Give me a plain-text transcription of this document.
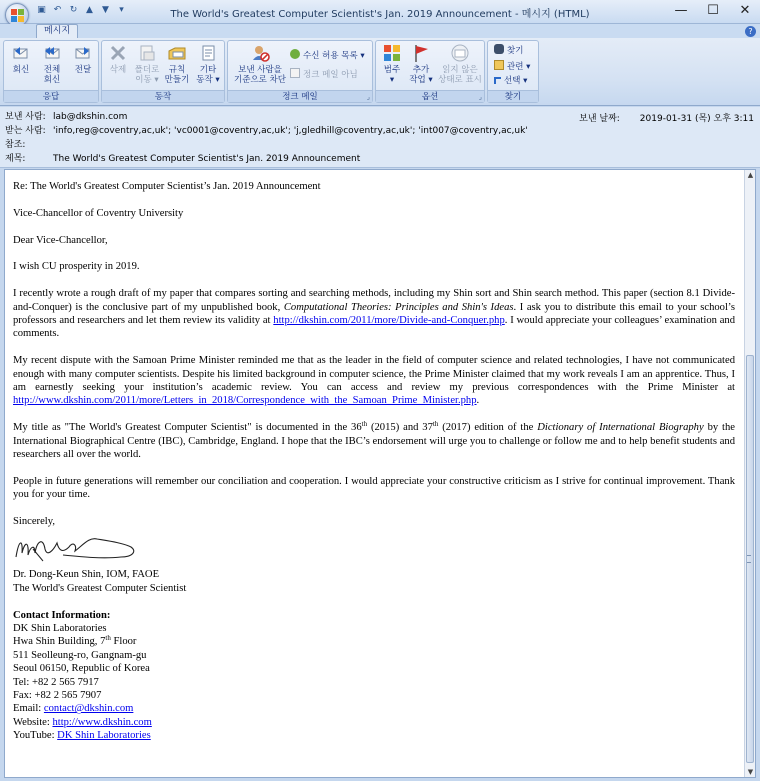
▣ ↶ ↻ ▲ ▼	▾	The World's Greatest Computer Scientist's Jan. 2019 Announcement - 메시지 (HTML)	— ☐ ✕
메시지	?
회신	전체
회신
전달
응답
삭제 폴더로
이동 ▾
규칙
만들기
기타
동작 ▾
동작
보낸 사람을
기준으로 차단
수신 허용 목록 ▾
정크 메일 아님
정크 메일	⌟
범주
▾
추가
작업 ▾
읽지 않은
상태로 표시
옵션	⌟
찾기
관련 ▾
선택 ▾
찾기
보낸 사람: lab@dkshin.com
받는 사람: 'info,reg@coventry,ac,uk'; 'vc0001@coventry,ac,uk'; 'j,gledhill@coventry,ac,uk'; 'int007@coventry,ac,uk'
참조:
제목:	The World's Greatest Computer Scientist's Jan. 2019 Announcement
보낸 날짜: 2019-01-31 (목) 오후 3:11

Re: The World's Greatest Computer Scientist’s Jan. 2019 Announcement

Vice-Chancellor of Coventry University

Dear Vice-Chancellor,

I wish CU prosperity in 2019.

I recently wrote a rough draft of my paper that compares sorting and searching methods, including my Shin sort and Shin search method. This paper (section 8.1 Divide-and-Conquer) is the conclusive part of my unpublished book, Computational Theories: Principles and Shin's Ideas. I ask you to distribute this email to your school’s professors and researchers and let them review its validity at http://dkshin.com/2011/more/Divide-and-Conquer.php. I would appreciate your colleagues’ examination and comments.

My recent dispute with the Samoan Prime Minister reminded me that as the leader in the field of computer science and related technologies, I have not communicated enough with many computer scientists. Despite his limited background in computer science, the Prime Minister claimed that my work reveals I am an apprentice. Thus, I am earnestly seeking your institution’s academic review. You can access and review my previous correspondences with the Prime Minister at http://www.dkshin.com/2011/more/Letters_in_2018/Correspondence_with_the_Samoan_Prime_Minister.php.

My title as "The World's Greatest Computer Scientist" is documented in the 36th (2015) and 37th (2017) edition of the Dictionary of International Biography by the International Biographical Centre (IBC), Cambridge, England. I hope that the IBC’s endorsement will urge you to challenge or follow me and to help benefit students and researchers all over the world.

People in future generations will remember our conciliation and cooperation. I would appreciate your constructive criticism as I strive for continual improvement. Thank you for your time.

Sincerely,

Dr. Dong-Keun Shin, IOM, FAOE

The World's Greatest Computer Scientist

Contact Information:

DK Shin Laboratories

Hwa Shin Building, 7th Floor

511 Seolleung-ro, Gangnam-gu

Seoul 06150, Republic of Korea

Tel: +82 2 565 7917

Fax: +82 2 565 7907

Email: contact@dkshin.com

Website: http://www.dkshin.com

YouTube: DK Shin Laboratories

▲
▼
